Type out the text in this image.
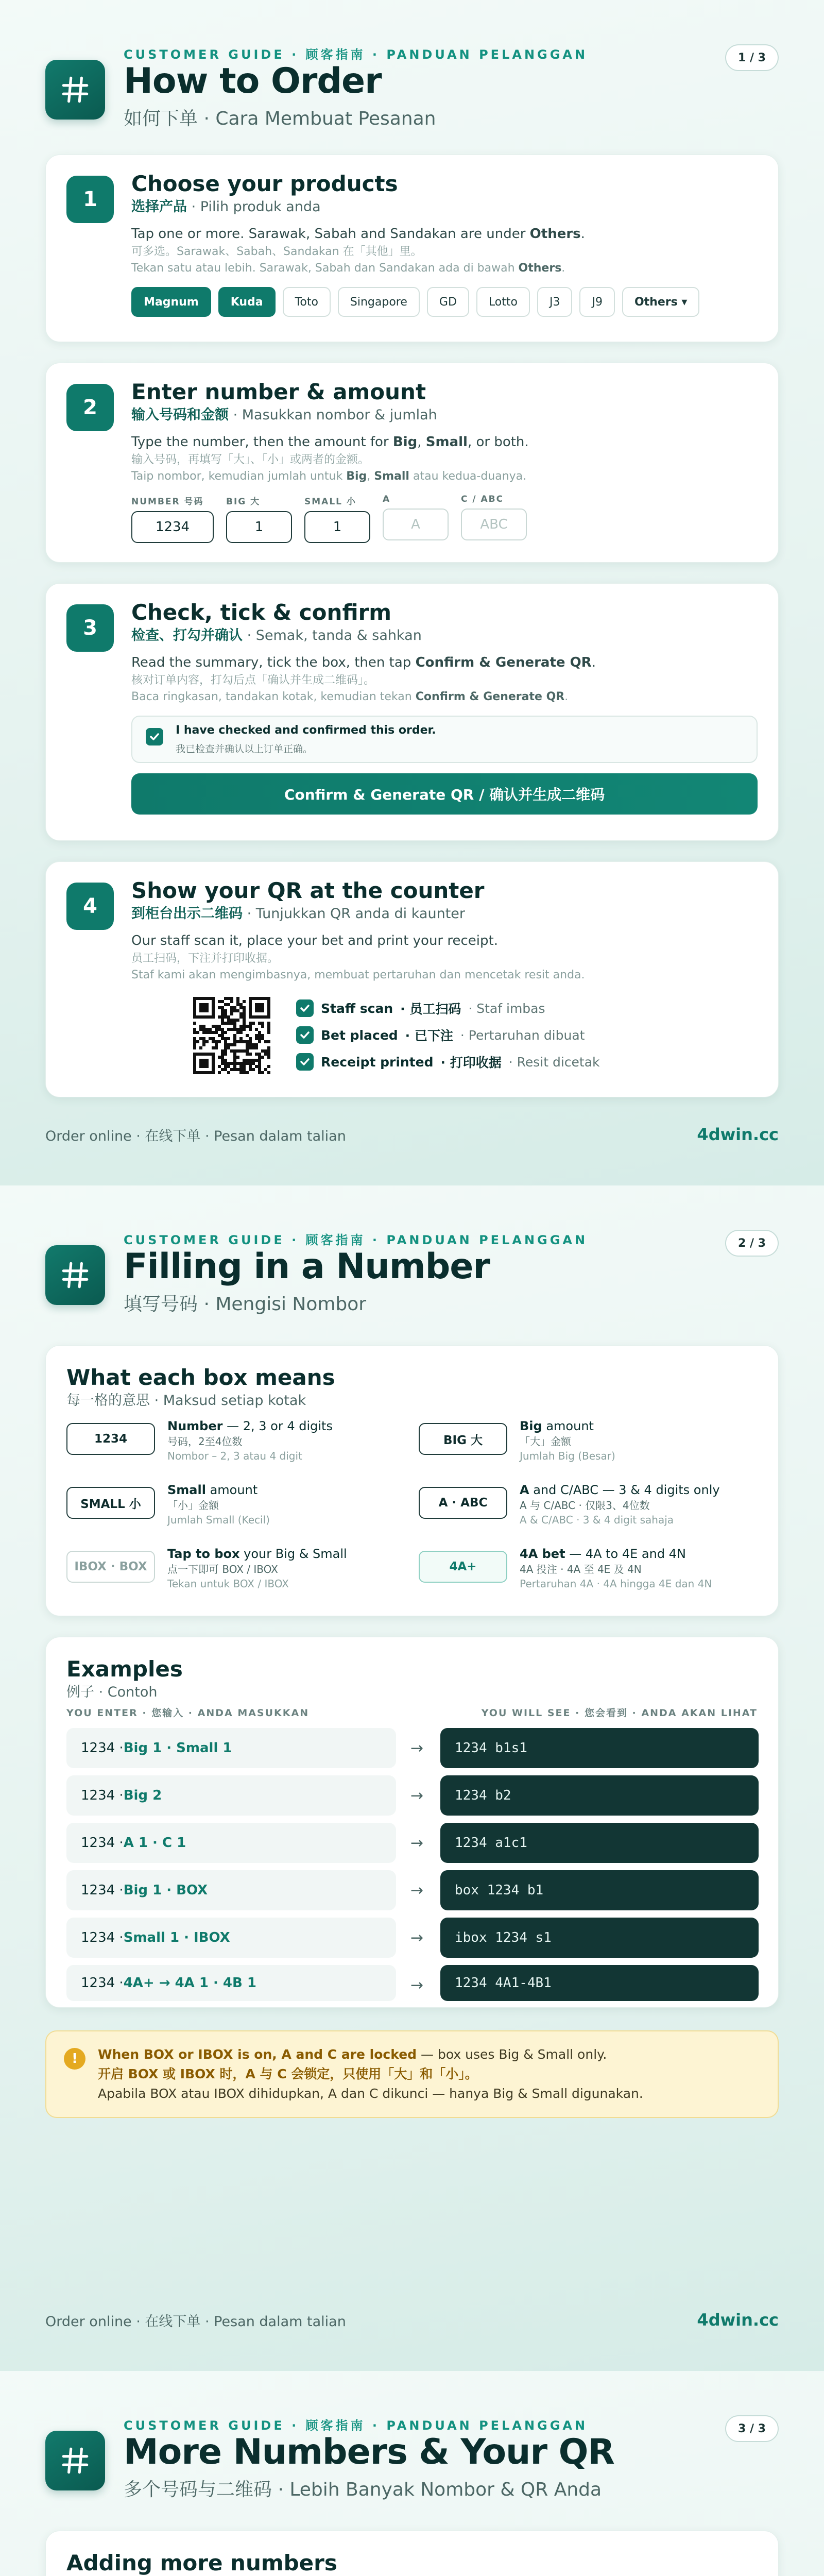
CUSTOMER GUIDE · 顾客指南 · PANDUAN PELANGGAN
How to Order
如何下单 · Cara Membuat Pesanan
1 / 3
1
Choose your products
选择产品 · Pilih produk anda
Tap one or more. Sarawak, Sabah and Sandakan are under Others.
可多选。Sarawak、Sabah、Sandakan 在「其他」里。
Tekan satu atau lebih. Sarawak, Sabah dan Sandakan ada di bawah Others.
Magnum	Kuda	Toto	Singapore	GD	Lotto	J3	J9	Others ▾
2
Enter number & amount
输入号码和金额 · Masukkan nombor & jumlah
Type the number, then the amount for Big, Small, or both.
输入号码，再填写「大」、「小」或两者的金额。
Taip nombor, kemudian jumlah untuk Big, Small atau kedua-duanya.
NUMBER 号码
1234
BIG 大
1
SMALL 小
1
A
A
C / ABC
ABC
3
Check, tick & confirm
检查、打勾并确认 · Semak, tanda & sahkan
Read the summary, tick the box, then tap Confirm & Generate QR.
核对订单内容，打勾后点「确认并生成二维码」。
Baca ringkasan, tandakan kotak, kemudian tekan Confirm & Generate QR.
I have checked and confirmed this order.
我已检查并确认以上订单正确。
Confirm & Generate QR / 确认并生成二维码
4
Show your QR at the counter
到柜台出示二维码 · Tunjukkan QR anda di kaunter
Our staff scan it, place your bet and print your receipt.
员工扫码，下注并打印收据。
Staf kami akan mengimbasnya, membuat pertaruhan dan mencetak resit anda.
Staff scan · 员工扫码 · Staf imbas
Bet placed · 已下注 · Pertaruhan dibuat
Receipt printed · 打印收据 · Resit dicetak
Order online · 在线下单 · Pesan dalam talian	4dwin.cc
CUSTOMER GUIDE · 顾客指南 · PANDUAN PELANGGAN
Filling in a Number
填写号码 · Mengisi Nombor
2 / 3
What each box means
每一格的意思 · Maksud setiap kotak
1234
Number — 2, 3 or 4 digits
号码，2至4位数
Nombor – 2, 3 atau 4 digit
BIG 大
Big amount
「大」金额
Jumlah Big (Besar)
SMALL 小
Small amount
「小」金额
Jumlah Small (Kecil)
A · ABC
A and C/ABC — 3 & 4 digits only
A 与 C/ABC · 仅限3、4位数
A & C/ABC · 3 & 4 digit sahaja
IBOX · BOX
Tap to box your Big & Small
点一下即可 BOX / IBOX
Tekan untuk BOX / IBOX
4A+
4A bet — 4A to 4E and 4N
4A 投注 · 4A 至 4E 及 4N
Pertaruhan 4A · 4A hingga 4E dan 4N
Examples
例子 · Contoh
YOU ENTER · 您输入 · ANDA MASUKKAN	YOU WILL SEE · 您会看到 · ANDA AKAN LIHAT
1234 · Big 1 · Small 1	→	1234 b1s1
1234 · Big 2	→	1234 b2
1234 · A 1 · C 1	→	1234 a1c1
1234 · Big 1 · BOX	→	box 1234 b1
1234 · Small 1 · IBOX	→	ibox 1234 s1
1234 · 4A+ → 4A 1 · 4B 1	→	1234 4A1-4B1
!	When BOX or IBOX is on, A and C are locked — box uses Big & Small only.
开启 BOX 或 IBOX 时，A 与 C 会锁定，只使用「大」和「小」。
Apabila BOX atau IBOX dihidupkan, A dan C dikunci — hanya Big & Small digunakan.
Order online · 在线下单 · Pesan dalam talian	4dwin.cc
CUSTOMER GUIDE · 顾客指南 · PANDUAN PELANGGAN
More Numbers & Your QR
多个号码与二维码 · Lebih Banyak Nombor & QR Anda
3 / 3
Adding more numbers
